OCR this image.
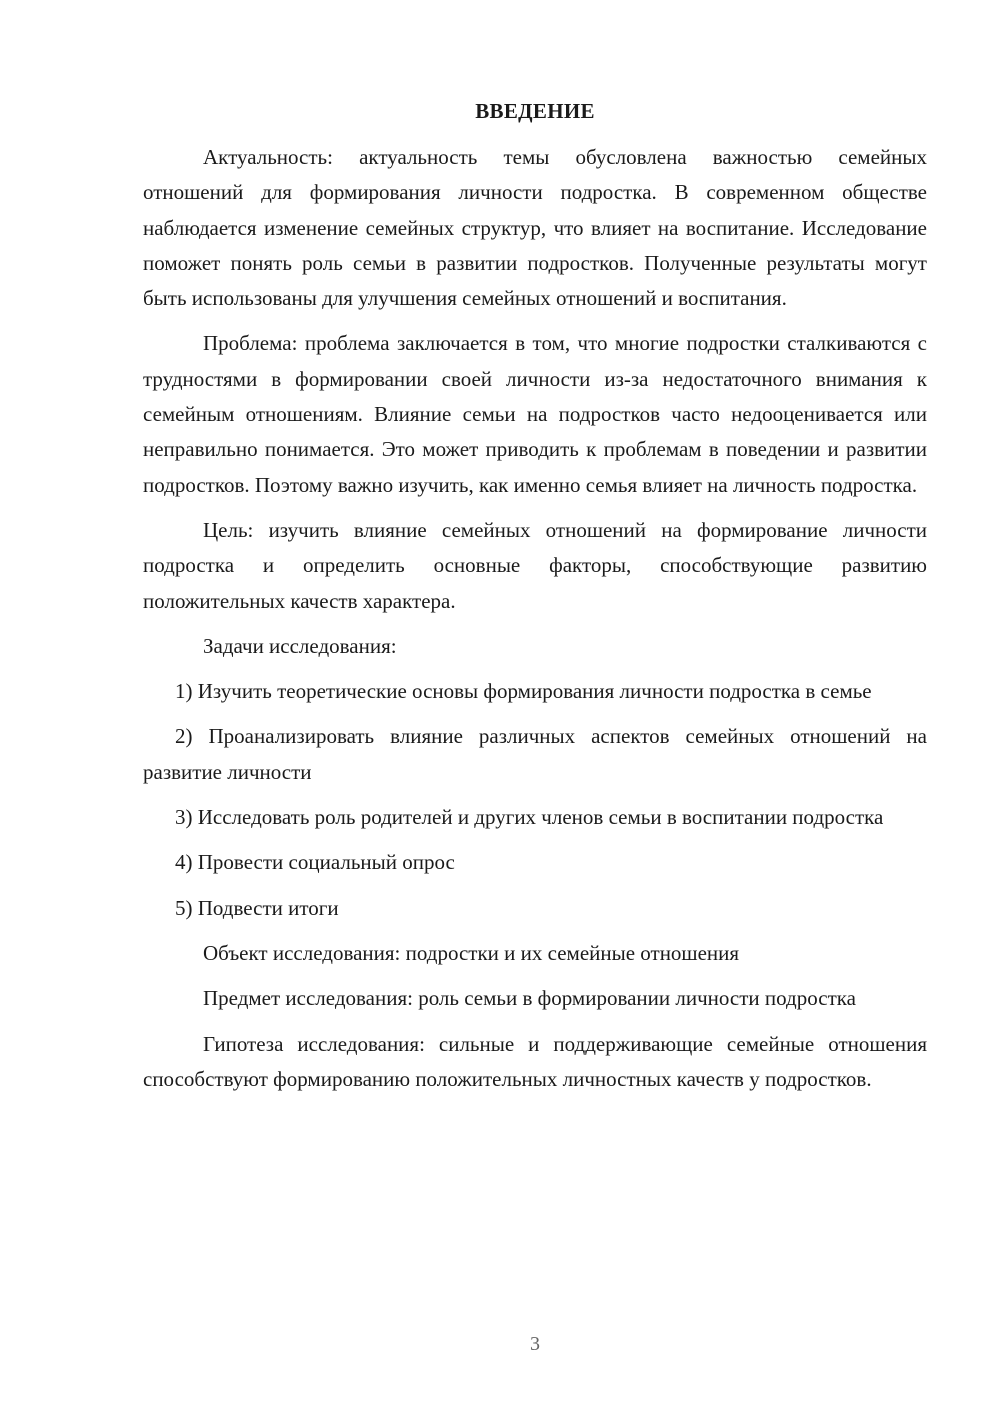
ВВЕДЕНИЕ

Актуальность: актуальность темы обусловлена важностью семейных отношений для формирования личности подростка. В современном обществе наблюдается изменение семейных структур, что влияет на воспитание. Исследование поможет понять роль семьи в развитии подростков. Полученные результаты могут быть использованы для улучшения семейных отношений и воспитания.

Проблема: проблема заключается в том, что многие подростки сталкиваются с трудностями в формировании своей личности из-за недостаточного внимания к семейным отношениям. Влияние семьи на подростков часто недооценивается или неправильно понимается. Это может приводить к проблемам в поведении и развитии подростков. Поэтому важно изучить, как именно семья влияет на личность подростка.

Цель: изучить влияние семейных отношений на формирование личности подростка и определить основные факторы, способствующие развитию положительных качеств характера.

Задачи исследования:

1) Изучить теоретические основы формирования личности подростка в семье

2) Проанализировать влияние различных аспектов семейных отношений на развитие личности

3) Исследовать роль родителей и других членов семьи в воспитании подростка

4) Провести социальный опрос

5) Подвести итоги

Объект исследования: подростки и их семейные отношения

Предмет исследования: роль семьи в формировании личности подростка

Гипотеза исследования: сильные и поддерживающие семейные отношения способствуют формированию положительных личностных качеств у подростков.

3
